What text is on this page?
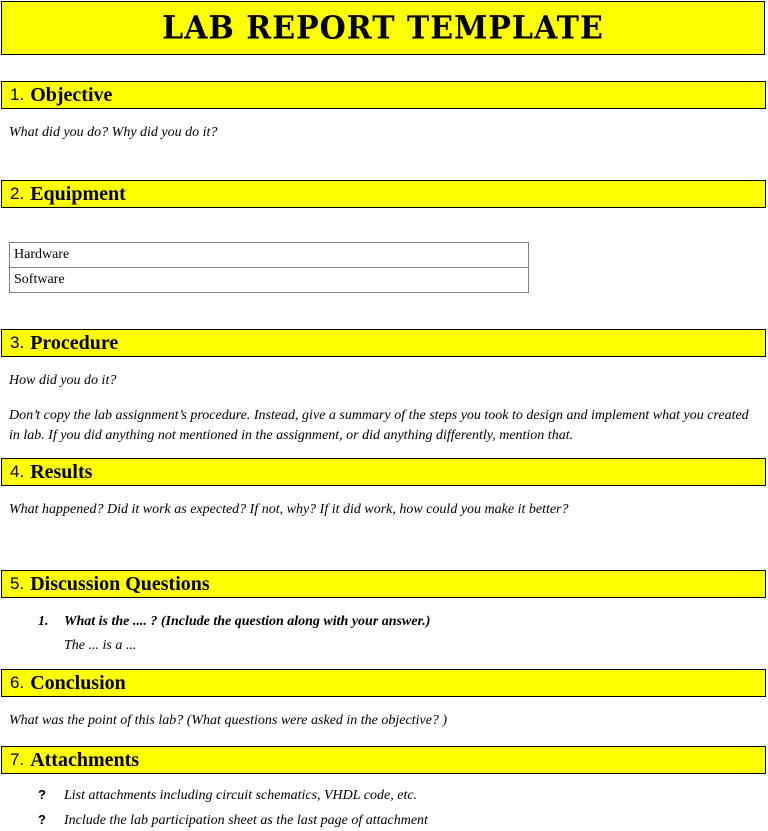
LAB REPORT TEMPLATE
1. Objective
What did you do? Why did you do it?
2. Equipment
Hardware
Software
3. Procedure
How did you do it?
Don’t copy the lab assignment’s procedure. Instead, give a summary of the steps you took to design and implement what you created in lab. If you did anything not mentioned in the assignment, or did anything differently, mention that.
4. Results
What happened? Did it work as expected? If not, why? If it did work, how could you make it better?
5. Discussion Questions
1. What is the .... ? (Include the question along with your answer.)
The ... is a ...
6. Conclusion
What was the point of this lab? (What questions were asked in the objective? )
7. Attachments
? List attachments including circuit schematics, VHDL code, etc.
? Include the lab participation sheet as the last page of attachment
